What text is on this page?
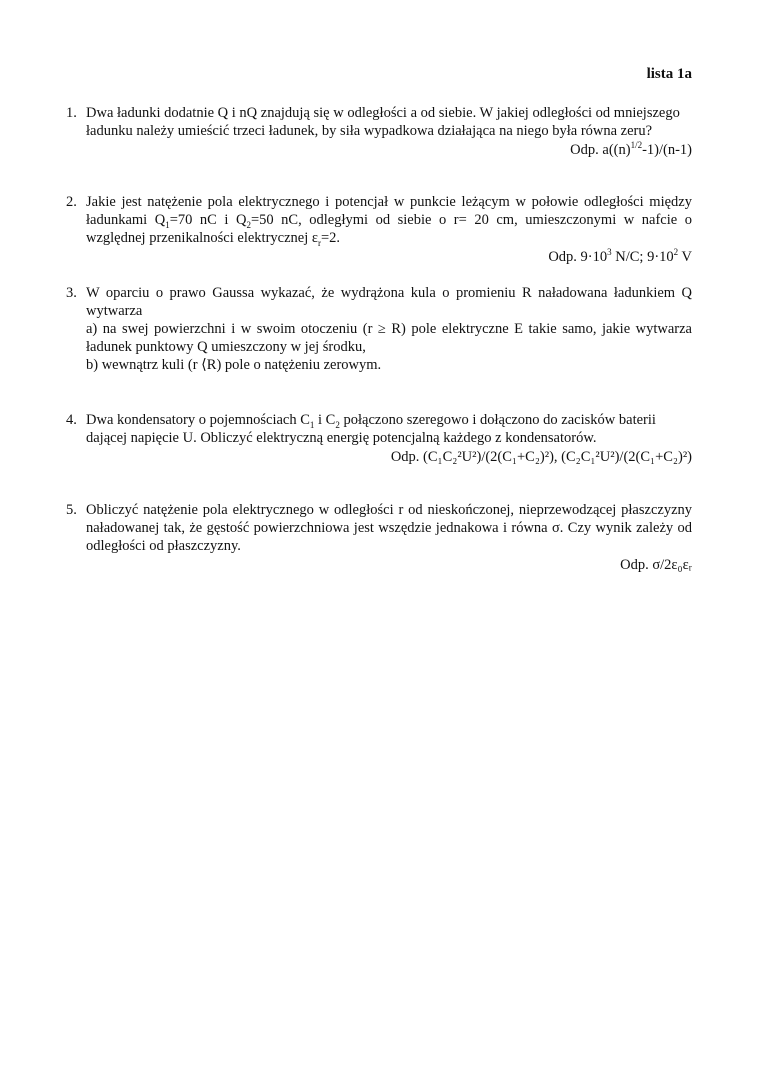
lista 1a
1. Dwa ładunki dodatnie Q i nQ znajdują się w odległości a od siebie. W jakiej odległości od mniejszego ładunku należy umieścić trzeci ładunek, by siła wypadkowa działająca na niego była równa zeru?
Odp. $a((n)^{1/2}-1)/(n-1)$
2. Jakie jest natężenie pola elektrycznego i potencjał w punkcie leżącym w połowie odległości między ładunkami $Q_1=70$ nC i $Q_2=50$ nC, odległymi od siebie o r= 20 cm, umieszczonymi w nafcie o względnej przenikalności elektrycznej $\varepsilon_r=2$.
Odp. $9\cdot 10^3$ N/C; $9\cdot 10^2$ V
3. W oparciu o prawo Gaussa wykazać, że wydrążona kula o promieniu R naładowana ładunkiem Q wytwarza
a) na swej powierzchni i w swoim otoczeniu (r ≥ R) pole elektryczne E takie samo, jakie wytwarza ładunek punktowy Q umieszczony w jej środku,
b) wewnątrz kuli (r ⟨R) pole o natężeniu zerowym.
4. Dwa kondensatory o pojemnościach $C_1$ i $C_2$ połączono szeregowo i dołączono do zacisków baterii dającej napięcie U. Obliczyć elektryczną energię potencjalną każdego z kondensatorów.
Odp. (C₁C₂²U²)/(2(C₁+C₂)²), (C₂C₁²U²)/(2(C₁+C₂)²)
5. Obliczyć natężenie pola elektrycznego w odległości r od nieskończonej, nieprzewodzącej płaszczyzny naładowanej tak, że gęstość powierzchniowa jest wszędzie jednakowa i równa σ. Czy wynik zależy od odległości od płaszczyzny.
Odp. σ/2ε₀εᵣ
